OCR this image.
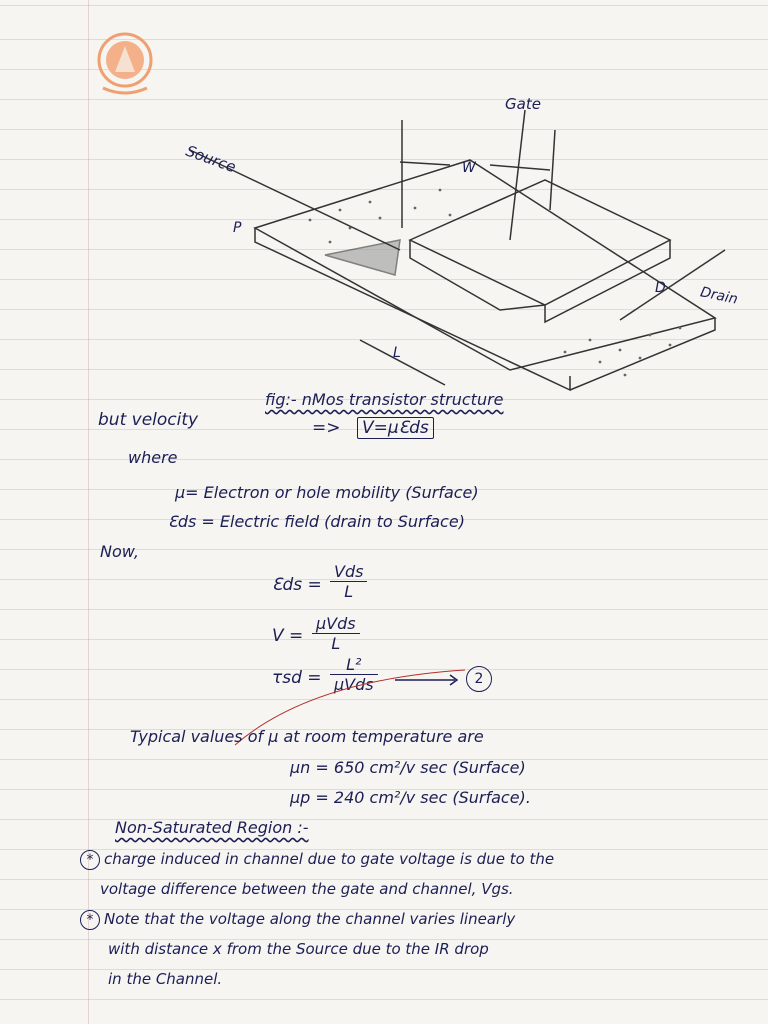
Gate
Source
P
W
L
D Drain
fig:- nMos transistor structure
but velocity	=> V=μƐds
where
μ= Electron or hole mobility (Surface)
Ɛds = Electric field (drain to Surface)
Now,
Ɛds =
Vds
L
V =
μVds
L
τsd =
L²
μVds	2
Typical values of μ at room temperature are
μn = 650 cm²/v sec (Surface)
μp = 240 cm²/v sec (Surface).
Non-Saturated Region :-
* charge induced in channel due to gate voltage is due to the
voltage difference between the gate and channel, Vgs.
* Note that the voltage along the channel varies linearly
with distance x from the Source due to the IR drop
in the Channel.
